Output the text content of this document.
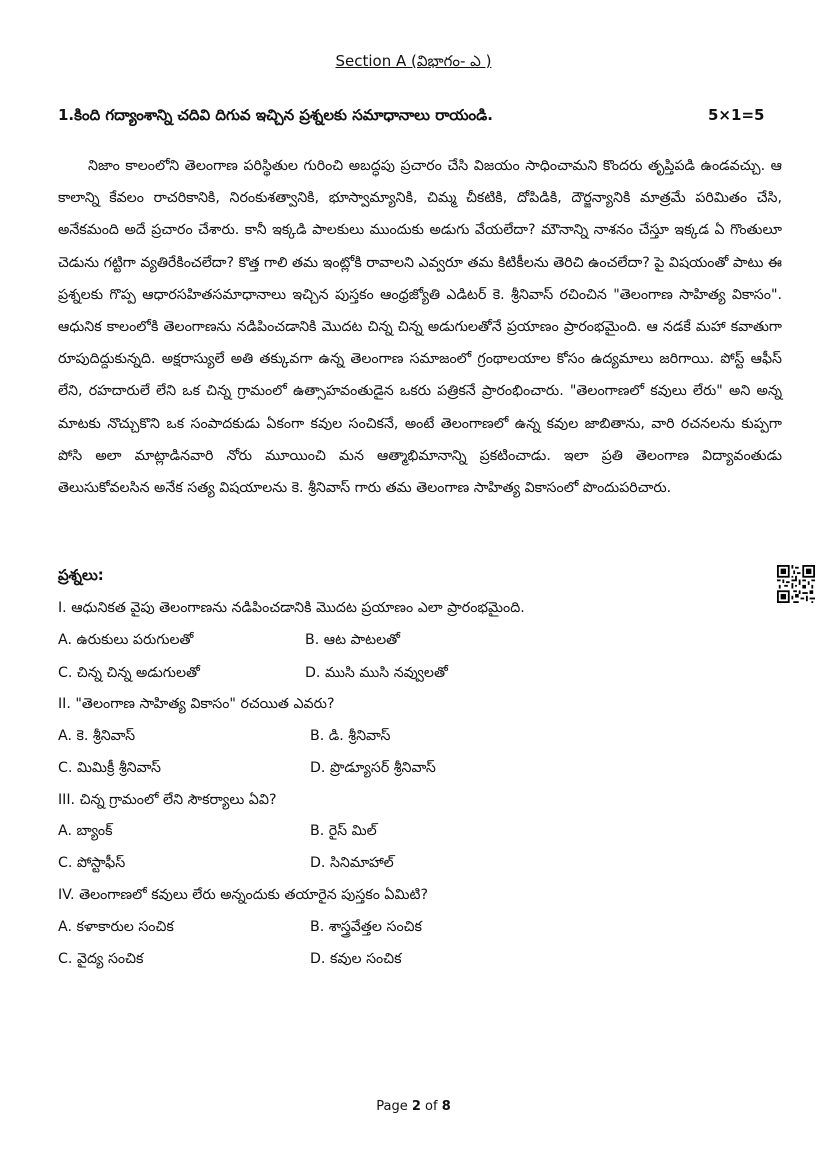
Section A (విభాగం- ఎ )
1.కింది గద్యాంశాన్ని చదివి దిగువ ఇచ్చిన ప్రశ్నలకు సమాధానాలు రాయండి.	5×1=5

నిజాం కాలంలోని తెలంగాణ పరిస్థితుల గురించి అబద్ధపు ప్రచారం చేసి విజయం సాధించామని కొందరు తృప్తిపడి ఉండవచ్చు. ఆ కాలాన్ని కేవలం రాచరికానికి, నిరంకుశత్వానికి, భూస్వామ్యానికి, చిమ్మ చీకటికి, దోపిడికి, దౌర్జన్యానికి మాత్రమే పరిమితం చేసి, అనేకమంది అదే ప్రచారం చేశారు. కానీ ఇక్కడి పాలకులు ముందుకు అడుగు వేయలేదా? మౌనాన్ని నాశనం చేస్తూ ఇక్కడ ఏ గొంతులూ చెడును గట్టిగా వ్యతిరేకించలేదా? కొత్త గాలి తమ ఇంట్లోకి రావాలని ఎవ్వరూ తమ కిటికీలను తెరిచి ఉంచలేదా? పై విషయంతో పాటు ఈ ప్రశ్నలకు గొప్ప ఆధారసహితసమాధానాలు ఇచ్చిన పుస్తకం ఆంధ్రజ్యోతి ఎడిటర్ కె. శ్రీనివాస్ రచించిన "తెలంగాణ సాహిత్య వికాసం". ఆధునిక కాలంలోకి తెలంగాణను నడిపించడానికి మొదట చిన్న చిన్న అడుగులతోనే ప్రయాణం ప్రారంభమైంది. ఆ నడకే మహా కవాతుగా రూపుదిద్దుకున్నది. అక్షరాస్యులే అతి తక్కువగా ఉన్న తెలంగాణ సమాజంలో గ్రంథాలయాల కోసం ఉద్యమాలు జరిగాయి. పోస్ట్ ఆఫీస్ లేని, రహదారులే లేని ఒక చిన్న గ్రామంలో ఉత్సాహవంతుడైన ఒకరు పత్రికనే ప్రారంభించారు. "తెలంగాణలో కవులు లేరు" అని అన్న మాటకు నొచ్చుకొని ఒక సంపాదకుడు ఏకంగా కవుల సంచికనే, అంటే తెలంగాణలో ఉన్న కవుల జాబితాను, వారి రచనలను కుప్పగా పోసి అలా మాట్లాడినవారి నోరు మూయించి మన ఆత్మాభిమానాన్ని ప్రకటించాడు. ఇలా ప్రతి తెలంగాణ విద్యావంతుడు తెలుసుకోవలసిన అనేక సత్య విషయాలను కె. శ్రీనివాస్ గారు తమ తెలంగాణ సాహిత్య వికాసంలో పొందుపరిచారు.

ప్రశ్నలు:
I. ఆధునికత వైపు తెలంగాణను నడిపించడానికి మొదట ప్రయాణం ఎలా ప్రారంభమైంది.
A. ఉరుకులు పరుగులతో	B. ఆట పాటలతో
C. చిన్న చిన్న అడుగులతో	D. ముసి ముసి నవ్వులతో
II. "తెలంగాణ సాహిత్య వికాసం" రచయిత ఎవరు?
A. కె. శ్రీనివాస్	B. డి. శ్రీనివాస్
C. మిమిక్రీ శ్రీనివాస్	D. ప్రొడ్యూసర్ శ్రీనివాస్
III. చిన్న గ్రామంలో లేని సౌకర్యాలు ఏవి?
A. బ్యాంక్	B. రైస్ మిల్
C. పోస్టాఫీస్	D. సినిమాహాల్
IV. తెలంగాణలో కవులు లేరు అన్నందుకు తయారైన పుస్తకం ఏమిటి?
A. కళాకారుల సంచిక	B. శాస్త్రవేత్తల సంచిక
C. వైద్య సంచిక	D. కవుల సంచిక
Page 2 of 8
